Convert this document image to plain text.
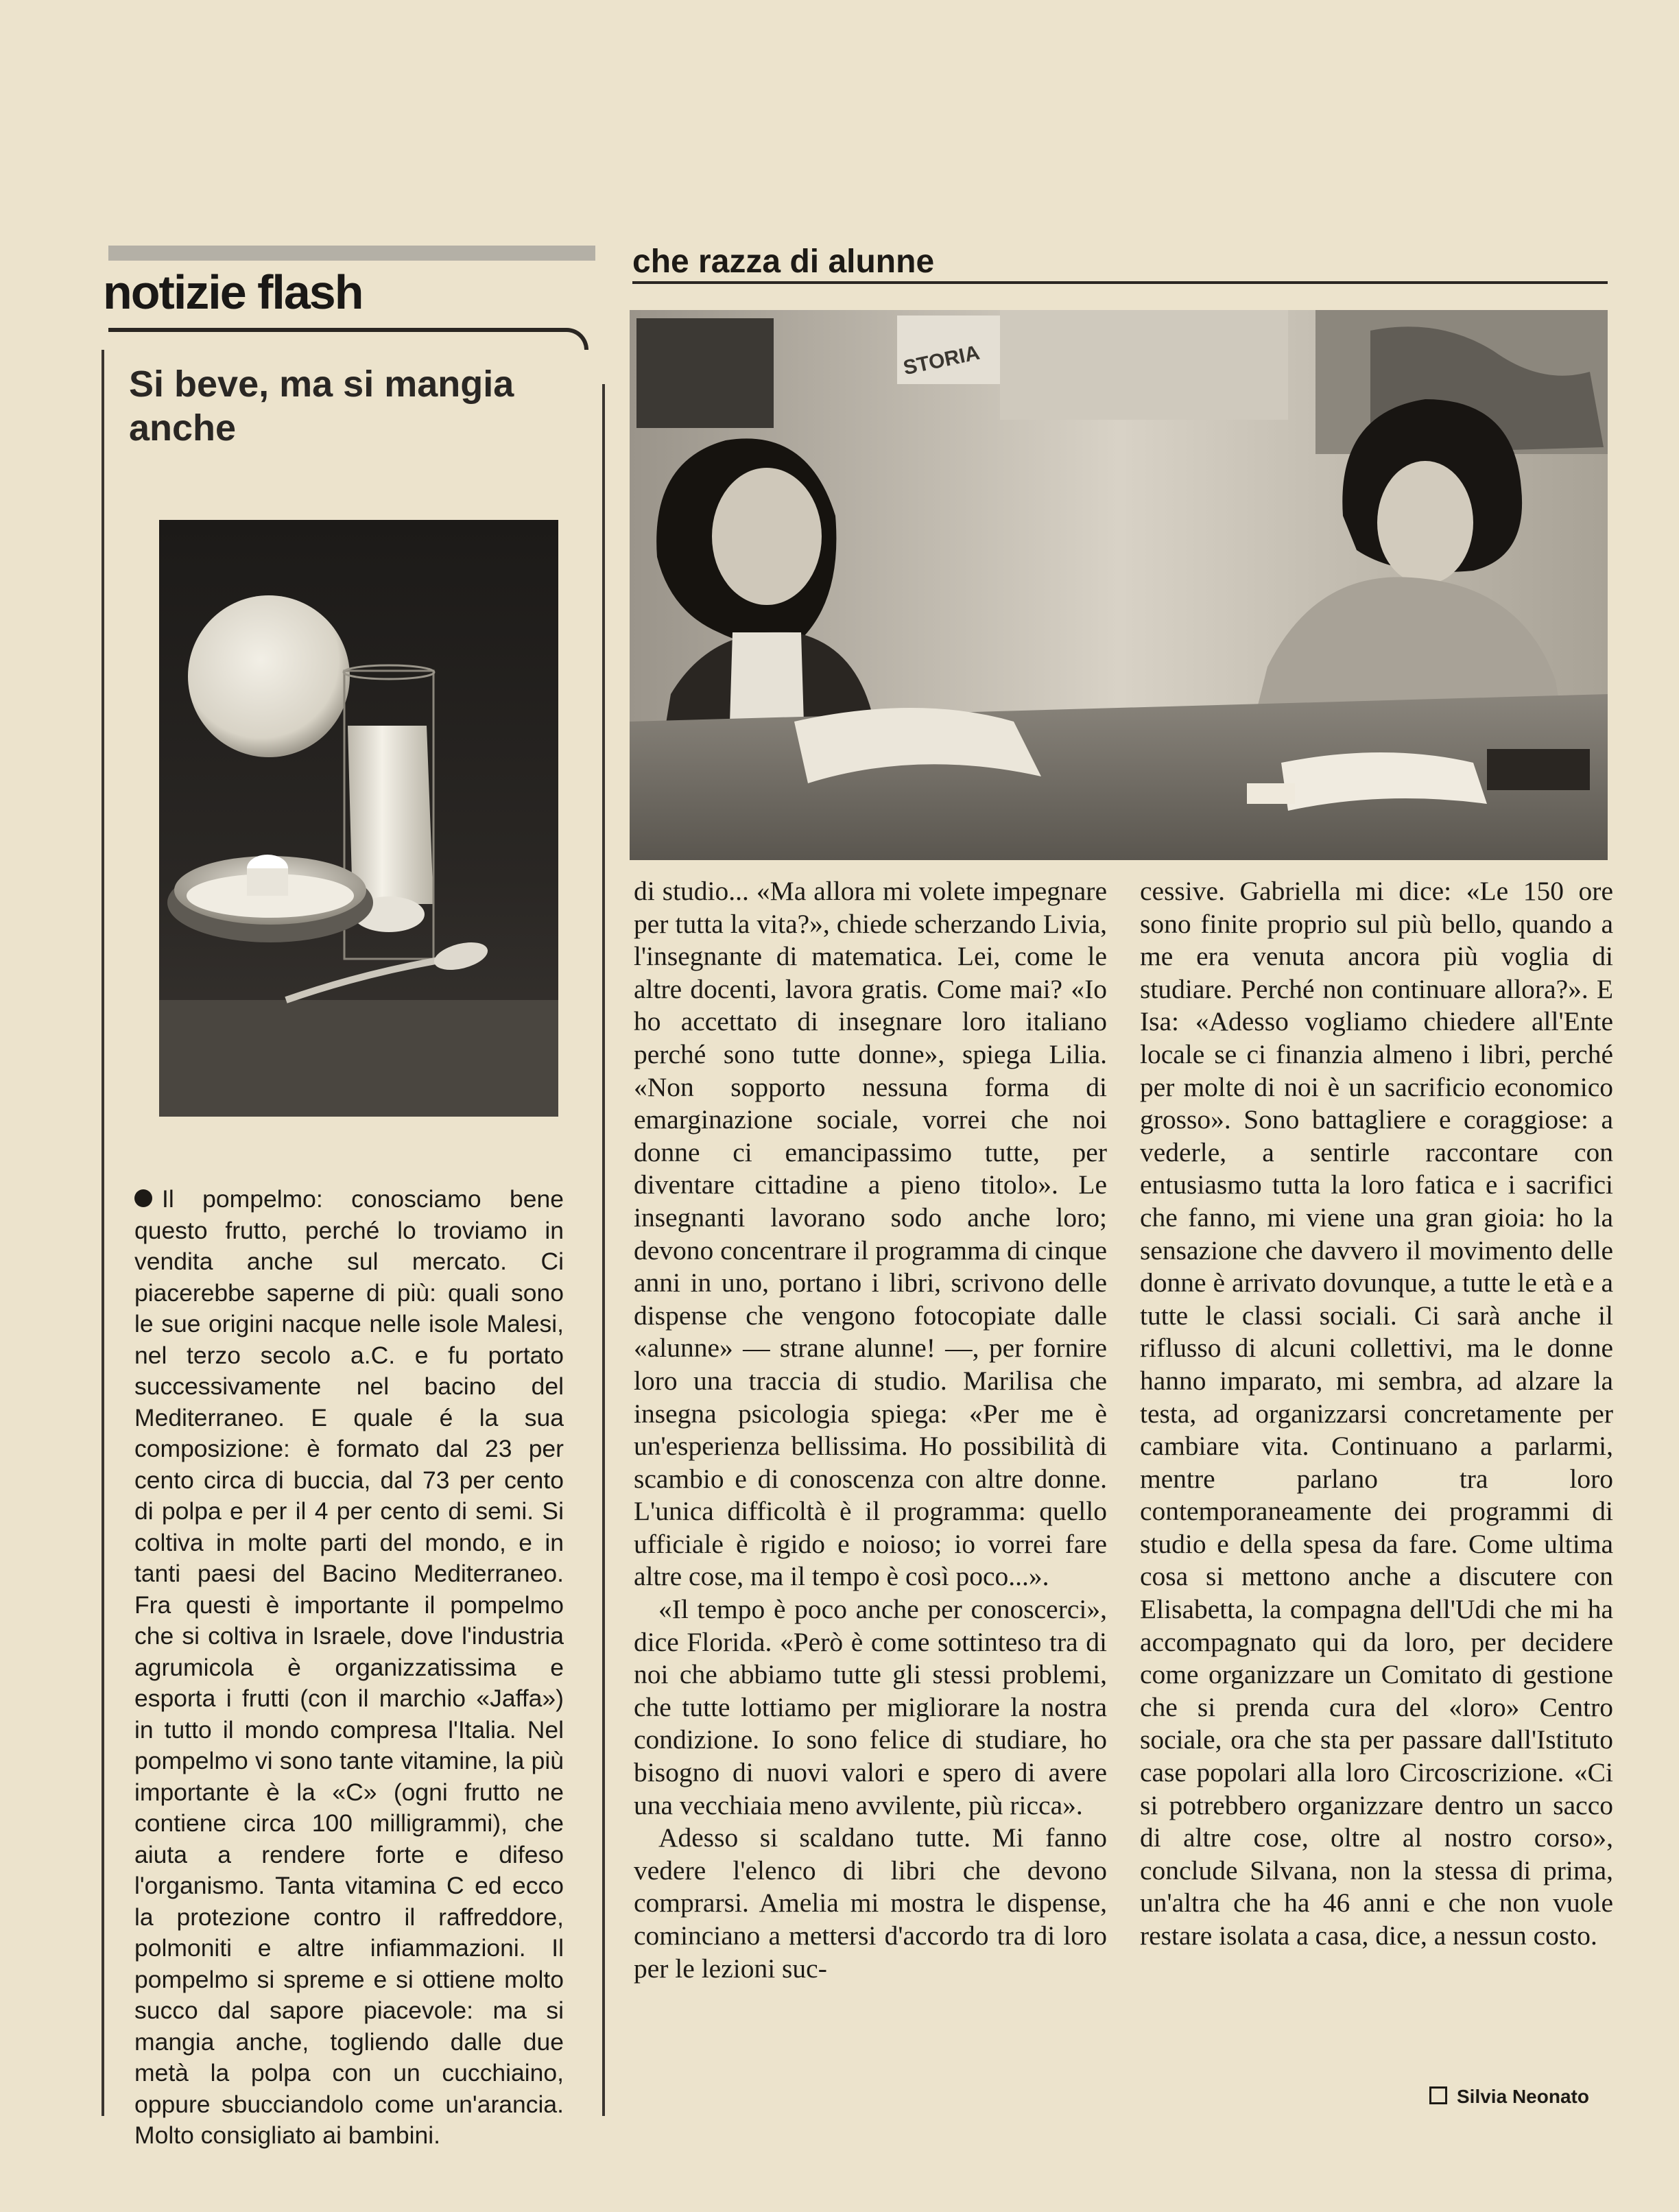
notizie flash
Si beve, ma si mangia anche
Il pompelmo: conosciamo bene questo frutto, perché lo troviamo in vendita anche sul mercato. Ci piacerebbe saperne di più: quali sono le sue origini nacque nelle isole Malesi, nel terzo secolo a.C. e fu portato successivamente nel bacino del Mediterraneo. E quale é la sua composizione: è formato dal 23 per cento circa di buccia, dal 73 per cento di polpa e per il 4 per cento di semi. Si coltiva in molte parti del mondo, e in tanti paesi del Bacino Mediterraneo. Fra questi è importante il pompelmo che si coltiva in Israele, dove l'industria agrumicola è organizzatissima e esporta i frutti (con il marchio «Jaffa») in tutto il mondo compresa l'Italia. Nel pompelmo vi sono tante vitamine, la più importante è la «C» (ogni frutto ne contiene circa 100 milligrammi), che aiuta a rendere forte e difeso l'organismo. Tanta vitamina C ed ecco la protezione contro il raffreddore, polmoniti e altre infiammazioni. Il pompelmo si spreme e si ottiene molto succo dal sapore piacevole: ma si mangia anche, togliendo dalle due metà la polpa con un cucchiaino, oppure sbucciandolo come un'arancia. Molto consigliato ai bambini.
che razza di alunne
STORIA

di studio... «Ma allora mi volete impegnare per tutta la vita?», chiede scherzando Livia, l'insegnante di matematica. Lei, come le altre docenti, lavora gratis. Come mai? «Io ho accettato di insegnare loro italiano perché sono tutte donne», spiega Lilia. «Non sopporto nessuna forma di emarginazione sociale, vorrei che noi donne ci emancipassimo tutte, per diventare cittadine a pieno titolo». Le insegnanti lavorano sodo anche loro; devono concentrare il programma di cinque anni in uno, portano i libri, scrivono delle dispense che vengono fotocopiate dalle «alunne» — strane alunne! —, per fornire loro una traccia di studio. Marilisa che insegna psicologia spiega: «Per me è un'esperienza bellissima. Ho possibilità di scambio e di conoscenza con altre donne. L'unica difficoltà è il programma: quello ufficiale è rigido e noioso; io vorrei fare altre cose, ma il tempo è così poco...».

«Il tempo è poco anche per conoscerci», dice Florida. «Però è come sottinteso tra di noi che abbiamo tutte gli stessi problemi, che tutte lottiamo per migliorare la nostra condizione. Io sono felice di studiare, ho bisogno di nuovi valori e spero di avere una vecchiaia meno avvilente, più ricca».

Adesso si scaldano tutte. Mi fanno vedere l'elenco di libri che devono comprarsi. Amelia mi mostra le dispense, cominciano a mettersi d'accordo tra di loro per le lezioni suc-

cessive. Gabriella mi dice: «Le 150 ore sono finite proprio sul più bello, quando a me era venuta ancora più voglia di studiare. Perché non continuare allora?». E Isa: «Adesso vogliamo chiedere all'Ente locale se ci finanzia almeno i libri, perché per molte di noi è un sacrificio economico grosso». Sono battagliere e coraggiose: a vederle, a sentirle raccontare con entusiasmo tutta la loro fatica e i sacrifici che fanno, mi viene una gran gioia: ho la sensazione che davvero il movimento delle donne è arrivato dovunque, a tutte le età e a tutte le classi sociali. Ci sarà anche il riflusso di alcuni collettivi, ma le donne hanno imparato, mi sembra, ad alzare la testa, ad organizzarsi concretamente per cambiare vita. Continuano a parlarmi, mentre parlano tra loro contemporaneamente dei programmi di studio e della spesa da fare. Come ultima cosa si mettono anche a discutere con Elisabetta, la compagna dell'Udi che mi ha accompagnato qui da loro, per decidere come organizzare un Comitato di gestione che si prenda cura del «loro» Centro sociale, ora che sta per passare dall'Istituto case popolari alla loro Circoscrizione. «Ci si potrebbero organizzare dentro un sacco di altre cose, oltre al nostro corso», conclude Silvana, non la stessa di prima, un'altra che ha 46 anni e che non vuole restare isolata a casa, dice, a nessun costo.

Silvia Neonato
